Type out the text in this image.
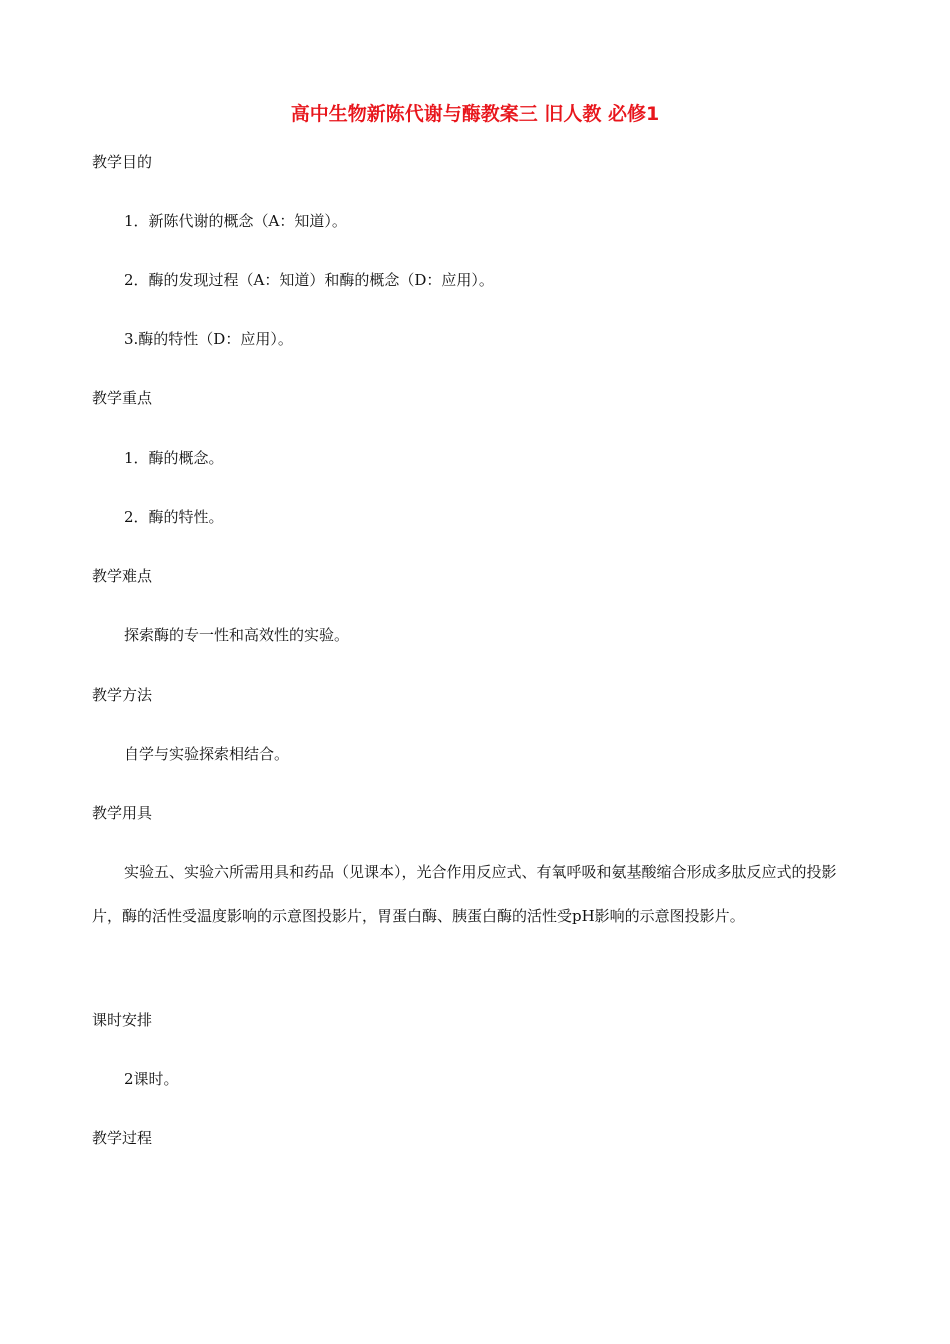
高中生物新陈代谢与酶教案三 旧人教 必修1

教学目的

1．新陈代谢的概念（A：知道）。

2．酶的发现过程（A：知道）和酶的概念（D：应用）。

3.酶的特性（D：应用）。

教学重点

1．酶的概念。

2．酶的特性。

教学难点

探索酶的专一性和高效性的实验。

教学方法

自学与实验探索相结合。

教学用具

实验五、实验六所需用具和药品（见课本），光合作用反应式、有氧呼吸和氨基酸缩合形成多肽反应式的投影片，酶的活性受温度影响的示意图投影片，胃蛋白酶、胰蛋白酶的活性受pH影响的示意图投影片。

课时安排

2课时。

教学过程
